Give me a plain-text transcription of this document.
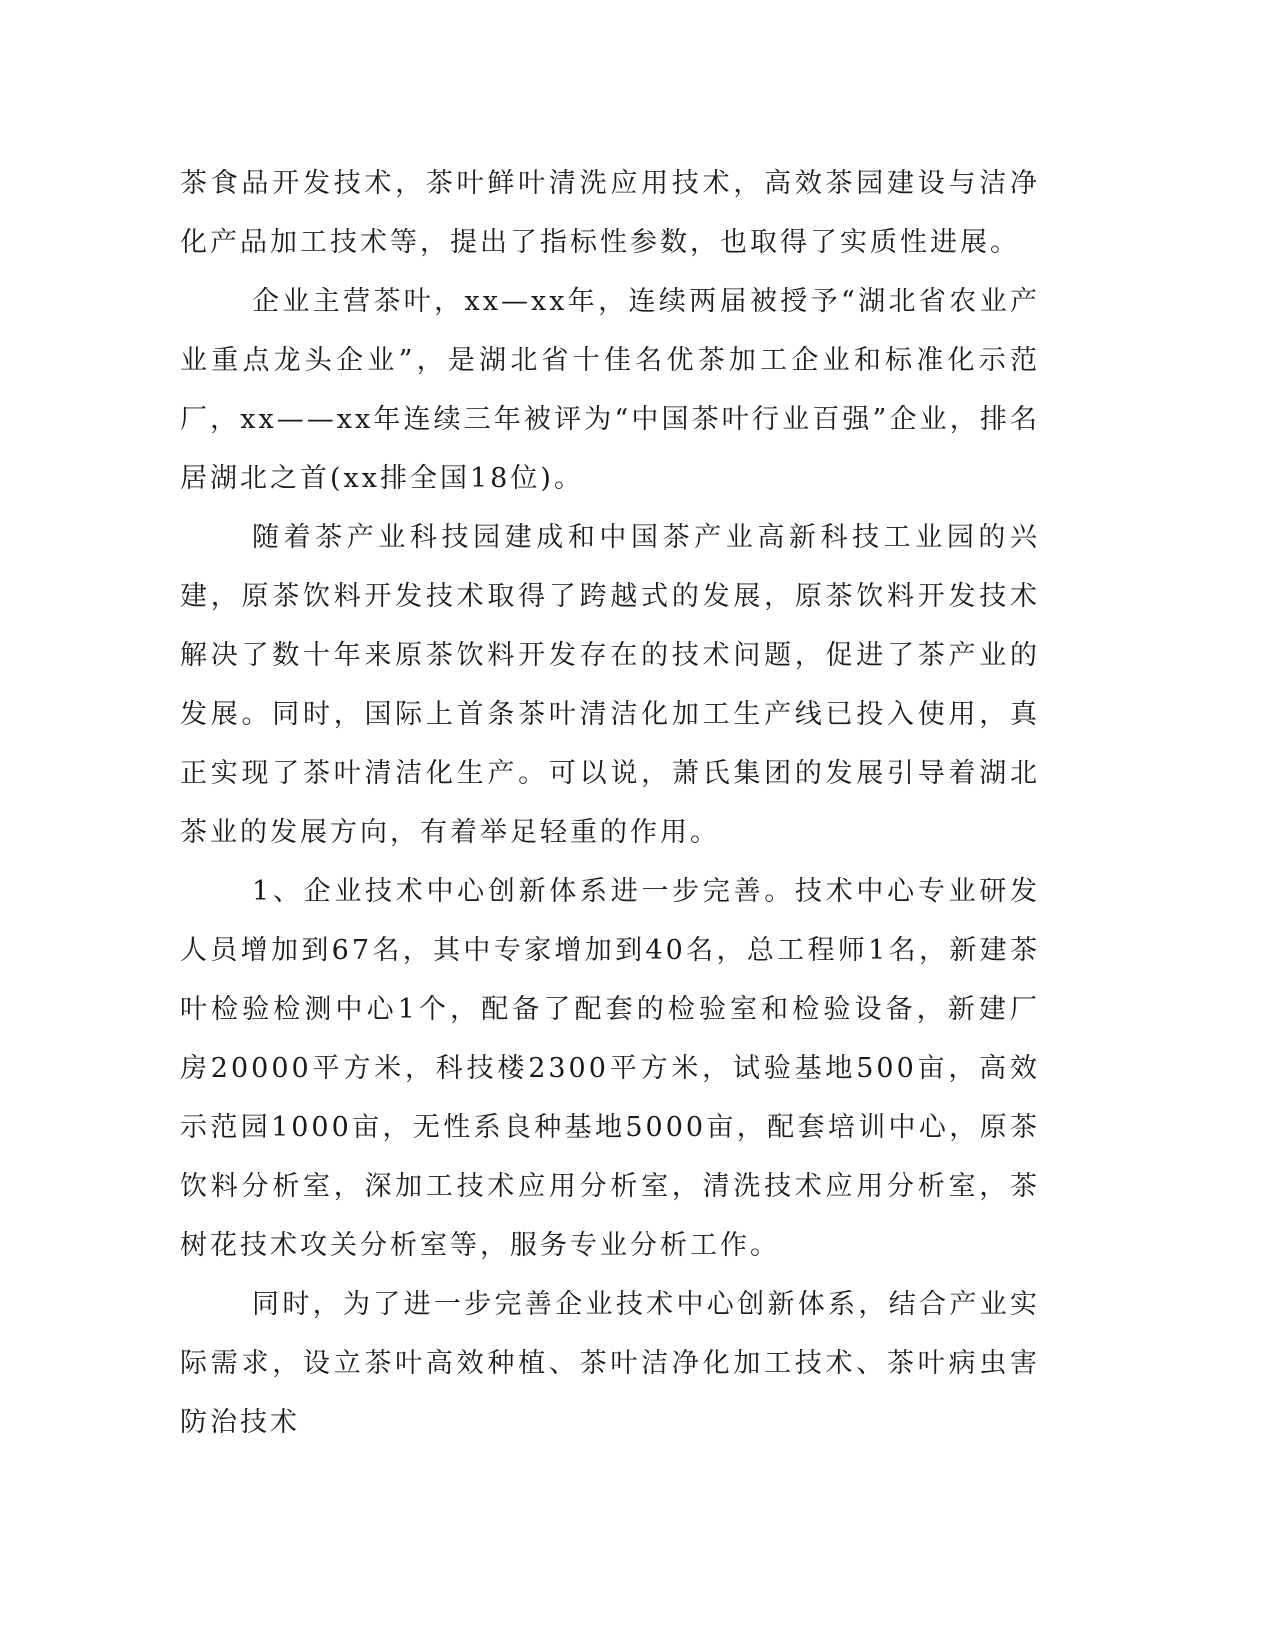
茶食品开发技术，茶叶鲜叶清洗应用技术，高效茶园建设与洁净化产品加工技术等，提出了指标性参数，也取得了实质性进展。

企业主营茶叶，xx—xx年，连续两届被授予“湖北省农业产业重点龙头企业”，是湖北省十佳名优茶加工企业和标准化示范厂，xx——xx年连续三年被评为“中国茶叶行业百强”企业，排名居湖北之首(xx排全国18位)。

随着茶产业科技园建成和中国茶产业高新科技工业园的兴建，原茶饮料开发技术取得了跨越式的发展，原茶饮料开发技术解决了数十年来原茶饮料开发存在的技术问题，促进了茶产业的发展。同时，国际上首条茶叶清洁化加工生产线已投入使用，真正实现了茶叶清洁化生产。可以说，萧氏集团的发展引导着湖北茶业的发展方向，有着举足轻重的作用。

1、企业技术中心创新体系进一步完善。技术中心专业研发人员增加到67名，其中专家增加到40名，总工程师1名，新建茶叶检验检测中心1个，配备了配套的检验室和检验设备，新建厂房20000平方米，科技楼2300平方米，试验基地500亩，高效示范园1000亩，无性系良种基地5000亩，配套培训中心，原茶饮料分析室，深加工技术应用分析室，清洗技术应用分析室，茶树花技术攻关分析室等，服务专业分析工作。

同时，为了进一步完善企业技术中心创新体系，结合产业实际需求，设立茶叶高效种植、茶叶洁净化加工技术、茶叶病虫害防治技术
